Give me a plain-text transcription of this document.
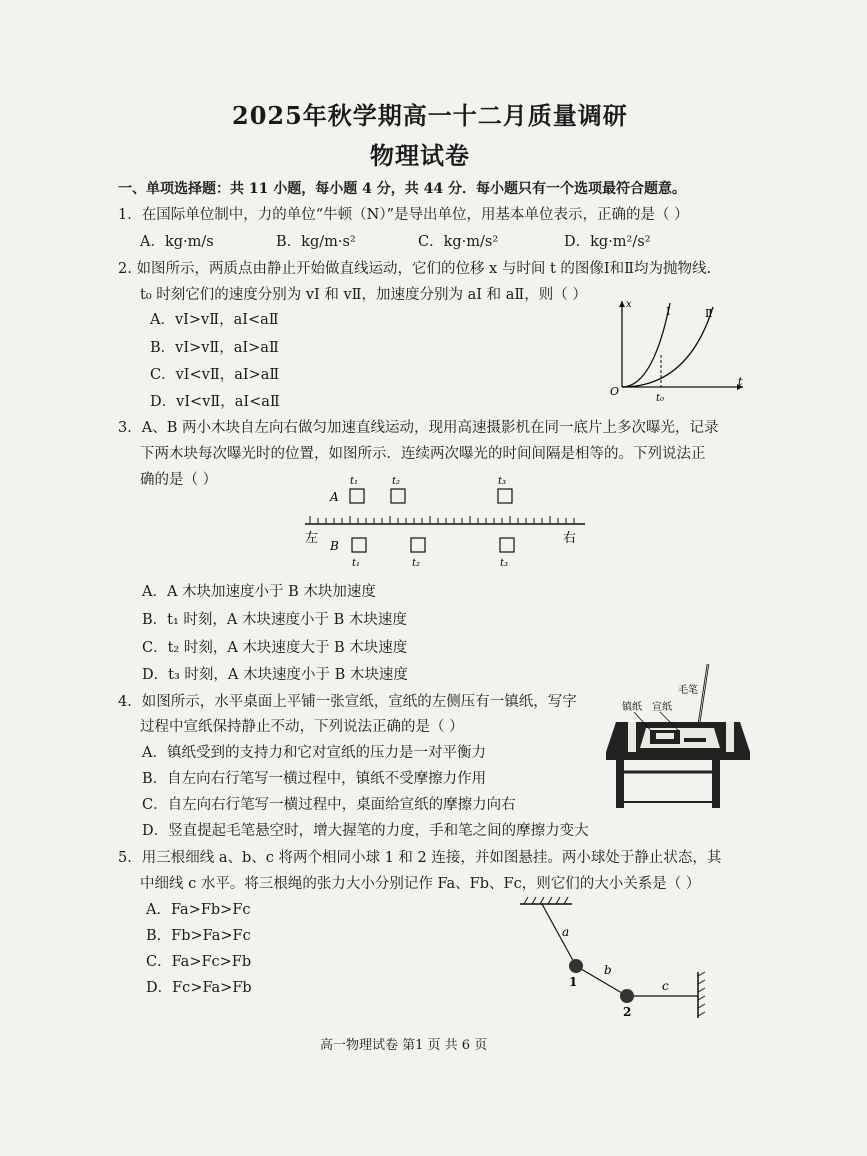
2025年秋学期高一十二月质量调研
物理试卷
一、单项选择题：共 11 小题，每小题 4 分，共 44 分．每小题只有一个选项最符合题意。
1．在国际单位制中，力的单位“牛顿（N）”是导出单位，用基本单位表示，正确的是（ ）
A．kg·m/s	B．kg/m·s²	C．kg·m/s²	D．kg·m²/s²
2. 如图所示，两质点由静止开始做直线运动，它们的位移 x 与时间 t 的图像Ⅰ和Ⅱ均为抛物线.
t₀ 时刻它们的速度分别为 vⅠ 和 vⅡ，加速度分别为 aⅠ 和 aⅡ，则（ ）
A．vⅠ>vⅡ，aⅠ<aⅡ
B．vⅠ>vⅡ，aⅠ>aⅡ
C．vⅠ<vⅡ，aⅠ>aⅡ
D．vⅠ<vⅡ，aⅠ<aⅡ
x
t
O
t₀
Ⅰ	Ⅱ
3．A、B 两小木块自左向右做匀加速直线运动，现用高速摄影机在同一底片上多次曝光，记录
下两木块每次曝光时的位置，如图所示．连续两次曝光的时间间隔是相等的。下列说法正
确的是（ ）
A
B
左	右
t₁	t₂	t₃
t₁	t₂	t₃
A．A 木块加速度小于 B 木块加速度
B．t₁ 时刻，A 木块速度小于 B 木块速度
C．t₂ 时刻，A 木块速度大于 B 木块速度
D．t₃ 时刻，A 木块速度小于 B 木块速度
4．如图所示，水平桌面上平铺一张宣纸，宣纸的左侧压有一镇纸，写字
过程中宣纸保持静止不动，下列说法正确的是（ ）
A．镇纸受到的支持力和它对宣纸的压力是一对平衡力
B．自左向右行笔写一横过程中，镇纸不受摩擦力作用
C．自左向右行笔写一横过程中，桌面给宣纸的摩擦力向右
D．竖直提起毛笔悬空时，增大握笔的力度，手和笔之间的摩擦力变大
毛笔
镇纸 宣纸
5．用三根细线 a、b、c 将两个相同小球 1 和 2 连接，并如图悬挂。两小球处于静止状态，其
中细线 c 水平。将三根绳的张力大小分别记作 Fa、Fb、Fc，则它们的大小关系是（ ）
A．Fa>Fb>Fc
B．Fb>Fa>Fc
C．Fa>Fc>Fb
D．Fc>Fa>Fb
a
b
c
1
2
高一物理试卷 第1 页 共 6 页
